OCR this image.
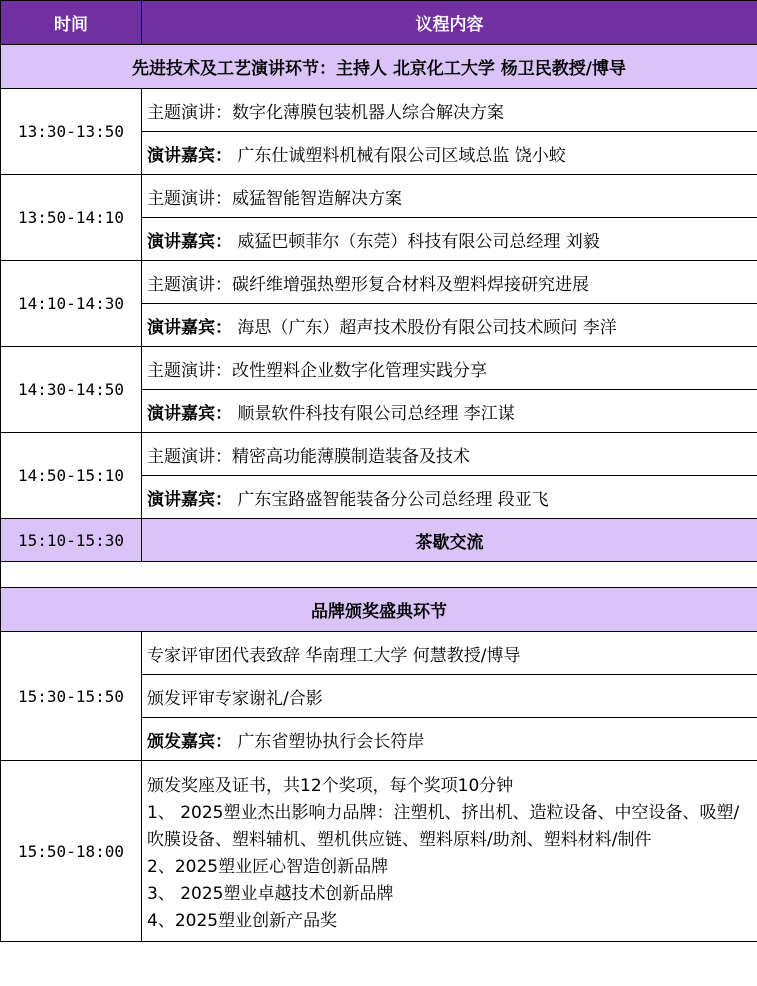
时间	议程内容
先进技术及工艺演讲环节：主持人 北京化工大学 杨卫民教授/博导	
13:30-13:50	主题演讲：数字化薄膜包装机器人综合解决方案
	演讲嘉宾： 广东仕诚塑料机械有限公司区域总监 饶小蛟
13:50-14:10	主题演讲：威猛智能智造解决方案
	演讲嘉宾： 威猛巴顿菲尔（东莞）科技有限公司总经理 刘毅
14:10-14:30	主题演讲：碳纤维增强热塑形复合材料及塑料焊接研究进展
	演讲嘉宾： 海思（广东）超声技术股份有限公司技术顾问 李洋
14:30-14:50	主题演讲：改性塑料企业数字化管理实践分享
	演讲嘉宾： 顺景软件科技有限公司总经理 李江谋
14:50-15:10	主题演讲：精密高功能薄膜制造装备及技术
	演讲嘉宾： 广东宝路盛智能装备分公司总经理 段亚飞
15:10-15:30	茶歇交流

品牌颁奖盛典环节	
15:30-15:50	专家评审团代表致辞 华南理工大学 何慧教授/博导
	颁发评审专家谢礼/合影
	颁发嘉宾： 广东省塑协执行会长符岸
15:50-18:00	颁发奖座及证书，共12个奖项，每个奖项10分钟
1、 2025塑业杰出影响力品牌：注塑机、挤出机、造粒设备、中空设备、吸塑/吹膜设备、塑料辅机、塑机供应链、塑料原料/助剂、塑料材料/制件
2、2025塑业匠心智造创新品牌
3、 2025塑业卓越技术创新品牌
4、2025塑业创新产品奖
